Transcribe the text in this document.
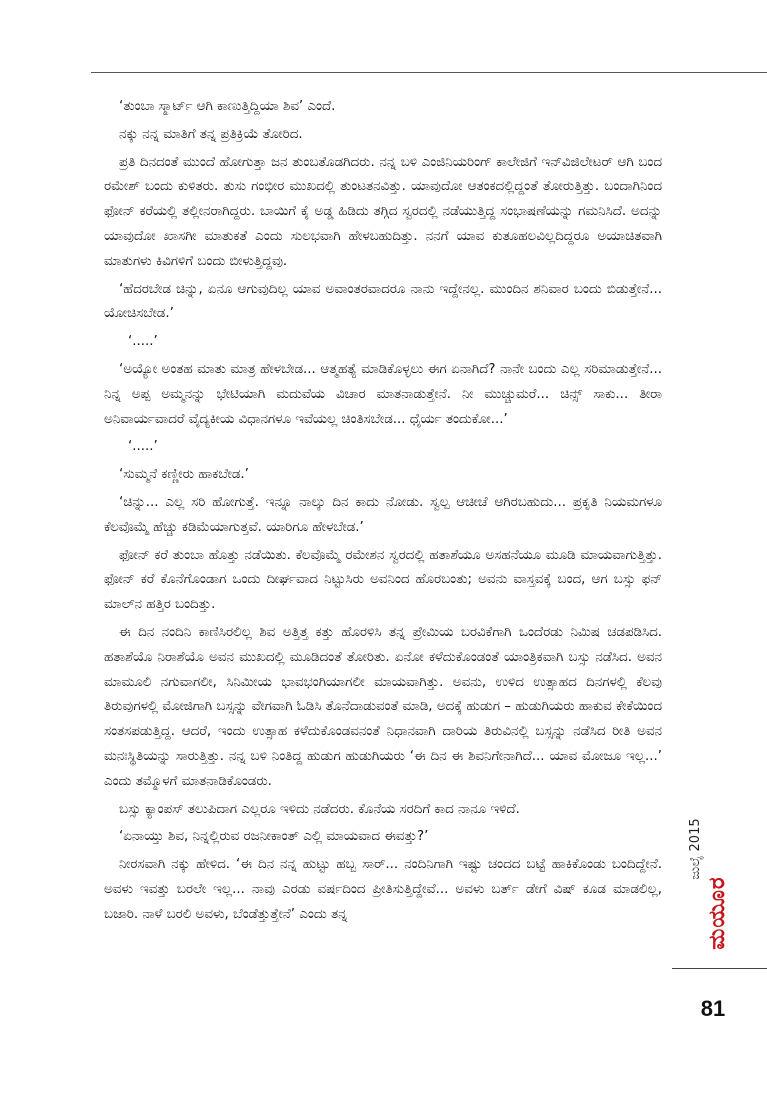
‘ತುಂಬಾ ಸ್ಮಾರ್ಟ್ ಆಗಿ ಕಾಣುತ್ತಿದ್ದಿಯಾ ಶಿವ’ ಎಂದೆ.

ನಕ್ಕು ನನ್ನ ಮಾತಿಗೆ ತನ್ನ ಪ್ರತಿಕ್ರಿಯೆ ತೋರಿದ.

ಪ್ರತಿ ದಿನದಂತೆ ಮುಂದೆ ಹೋಗುತ್ತಾ ಜನ ತುಂಬತೊಡಗಿದರು. ನನ್ನ ಬಳಿ ಎಂಜಿನಿಯರಿಂಗ್ ಕಾಲೇಜಿಗೆ ಇನ್‌ವಿಜಿಲೇಟರ್ ಆಗಿ ಬಂದ ರಮೇಶ್ ಬಂದು ಕುಳಿತರು. ತುಸು ಗಂಭೀರ ಮುಖದಲ್ಲಿ ತುಂಟತನವಿತ್ತು. ಯಾವುದೋ ಆತಂಕದಲ್ಲಿದ್ದಂತೆ ತೋರುತ್ತಿತ್ತು. ಬಂದಾಗಿನಿಂದ ಫೋನ್ ಕರೆಯಲ್ಲಿ ತಲ್ಲೀನರಾಗಿದ್ದರು. ಬಾಯಿಗೆ ಕೈ ಅಡ್ಡ ಹಿಡಿದು ತಗ್ಗಿದ ಸ್ವರದಲ್ಲಿ ನಡೆಯುತ್ತಿದ್ದ ಸಂಭಾಷಣೆಯನ್ನು ಗಮನಿಸಿದೆ. ಅದನ್ನು ಯಾವುದೋ ಖಾಸಗೀ ಮಾತುಕತೆ ಎಂದು ಸುಲಭವಾಗಿ ಹೇಳಬಹುದಿತ್ತು. ನನಗೆ ಯಾವ ಕುತೂಹಲವಿಲ್ಲದಿದ್ದರೂ ಅಯಾಚಿತವಾಗಿ ಮಾತುಗಳು ಕಿವಿಗಳಿಗೆ ಬಂದು ಬೀಳುತ್ತಿದ್ದವು.

‘ಹೆದರಬೇಡ ಚಿನ್ನು, ಏನೂ ಆಗುವುದಿಲ್ಲ ಯಾವ ಅವಾಂತರವಾದರೂ ನಾನು ಇದ್ದೇನಲ್ಲ. ಮುಂದಿನ ಶನಿವಾರ ಬಂದು ಬಿಡುತ್ತೇನೆ... ಯೋಚಿಸಬೇಡ.’

‘.....’

‘ಅಯ್ಯೋ ಅಂತಹ ಮಾತು ಮಾತ್ರ ಹೇಳಬೇಡ... ಆತ್ಮಹತ್ಯೆ ಮಾಡಿಕೊಳ್ಳಲು ಈಗ ಏನಾಗಿದೆ? ನಾನೇ ಬಂದು ಎಲ್ಲ ಸರಿಮಾಡುತ್ತೇನೆ... ನಿನ್ನ ಅಪ್ಪ ಅಮ್ಮನನ್ನು ಭೇಟಿಯಾಗಿ ಮದುವೆಯ ವಿಚಾರ ಮಾತನಾಡುತ್ತೇನೆ. ನೀ ಮುಚ್ಚುಮರೆ... ಚಿನ್ಸ್ ಸಾಕು... ತೀರಾ ಅನಿವಾರ್ಯವಾದರೆ ವೈದ್ಯಕೀಯ ವಿಧಾನಗಳೂ ಇವೆಯಲ್ಲ ಚಿಂತಿಸಬೇಡ... ಧೈರ್ಯ ತಂದುಕೋ...’

‘.....’

‘ಸುಮ್ಮನೆ ಕಣ್ಣೀರು ಹಾಕಬೇಡ.’

‘ಚಿನ್ನು... ಎಲ್ಲ ಸರಿ ಹೋಗುತ್ತೆ. ಇನ್ನೂ ನಾಲ್ಕು ದಿನ ಕಾದು ನೋಡು. ಸ್ವಲ್ಪ ಆಚೀಚೆ ಆಗಿರಬಹುದು... ಪ್ರಕೃತಿ ನಿಯಮಗಳೂ ಕೆಲವೊಮ್ಮೆ ಹೆಚ್ಚು ಕಡಿಮೆಯಾಗುತ್ತವೆ. ಯಾರಿಗೂ ಹೇಳಬೇಡ.’

ಫೋನ್ ಕರೆ ತುಂಬಾ ಹೊತ್ತು ನಡೆಯಿತು. ಕೆಲವೊಮ್ಮೆ ರಮೇಶನ ಸ್ವರದಲ್ಲಿ ಹತಾಶೆಯೂ ಅಸಹನೆಯೂ ಮೂಡಿ ಮಾಯವಾಗುತ್ತಿತ್ತು. ಫೋನ್ ಕರೆ ಕೊನೆಗೊಂಡಾಗ ಒಂದು ದೀರ್ಘವಾದ ನಿಟ್ಟುಸಿರು ಅವನಿಂದ ಹೊರಬಂತು; ಅವನು ವಾಸ್ತವಕ್ಕೆ ಬಂದ, ಆಗ ಬಸ್ಸು ಫನ್ ಮಾಲ್‌ನ ಹತ್ತಿರ ಬಂದಿತ್ತು.

ಈ ದಿನ ನಂದಿನಿ ಕಾಣಿಸಿರಲಿಲ್ಲ ಶಿವ ಅತ್ತಿತ್ತ ಕತ್ತು ಹೊರಳಿಸಿ ತನ್ನ ಪ್ರೇಮಿಯ ಬರವಿಕೆಗಾಗಿ ಒಂದೆರಡು ನಿಮಿಷ ಚಡಪಡಿಸಿದ. ಹತಾಶೆಯೊ ನಿರಾಶೆಯೊ ಅವನ ಮುಖದಲ್ಲಿ ಮೂಡಿದಂತೆ ತೋರಿತು. ಏನೋ ಕಳೆದುಕೊಂಡಂತೆ ಯಾಂತ್ರಿಕವಾಗಿ ಬಸ್ಸು ನಡೆಸಿದ. ಅವನ ಮಾಮೂಲಿ ನಗುವಾಗಲೀ, ಸಿನಿಮೀಯ ಭಾವಭಂಗಿಯಾಗಲೀ ಮಾಯವಾಗಿತ್ತು. ಅವನು, ಉಳಿದ ಉತ್ಸಾಹದ ದಿನಗಳಲ್ಲಿ ಕೆಲವು ತಿರುವುಗಳಲ್ಲಿ ಮೋಜಿಗಾಗಿ ಬಸ್ಸನ್ನು ವೇಗವಾಗಿ ಓಡಿಸಿ ತೊನೆದಾಡುವಂತೆ ಮಾಡಿ, ಅದಕ್ಕೆ ಹುಡುಗ – ಹುಡುಗಿಯರು ಹಾಕುವ ಕೇಕೆಯಿಂದ ಸಂತಸಪಡುತ್ತಿದ್ದ. ಆದರೆ, ಇಂದು ಉತ್ಸಾಹ ಕಳೆದುಕೊಂಡವನಂತೆ ನಿಧಾನವಾಗಿ ದಾರಿಯ ತಿರುವಿನಲ್ಲಿ ಬಸ್ಸನ್ನು ನಡೆಸಿದ ರೀತಿ ಅವನ ಮನಃಸ್ಥಿತಿಯನ್ನು ಸಾರುತ್ತಿತ್ತು. ನನ್ನ ಬಳಿ ನಿಂತಿದ್ದ ಹುಡುಗ ಹುಡುಗಿಯರು ‘ಈ ದಿನ ಈ ಶಿವನಿಗೇನಾಗಿದೆ... ಯಾವ ಮೋಜೂ ಇಲ್ಲ...’ ಎಂದು ತಮ್ಮೊಳಗೆ ಮಾತನಾಡಿಕೊಂಡರು.

ಬಸ್ಸು ಕ್ಯಾಂಪಸ್ ತಲುಪಿದಾಗ ಎಲ್ಲರೂ ಇಳಿದು ನಡೆದರು. ಕೊನೆಯ ಸರದಿಗೆ ಕಾದ ನಾನೂ ಇಳಿದೆ.

‘ಏನಾಯ್ತು ಶಿವ, ನಿನ್ನಲ್ಲಿರುವ ರಜನೀಕಾಂತ್ ಎಲ್ಲಿ ಮಾಯವಾದ ಈವತ್ತು?’

ನೀರಸವಾಗಿ ನಕ್ಕು ಹೇಳಿದ. ‘ಈ ದಿನ ನನ್ನ ಹುಟ್ಟು ಹಬ್ಬ ಸಾರ್... ನಂದಿನಿಗಾಗಿ ಇಷ್ಟು ಚಂದದ ಬಟ್ಟೆ ಹಾಕಿಕೊಂಡು ಬಂದಿದ್ದೇನೆ. ಅವಳು ಇವತ್ತು ಬರಲೇ ಇಲ್ಲ... ನಾವು ಎರಡು ವರ್ಷದಿಂದ ಪ್ರೀತಿಸುತ್ತಿದ್ದೇವೆ... ಅವಳು ಬರ್ತ್ ಡೇಗೆ ವಿಷ್ ಕೂಡ ಮಾಡಲಿಲ್ಲ, ಬಜಾರಿ. ನಾಳೆ ಬರಲಿ ಅವಳು, ಬೆಂಡೆತ್ತುತ್ತೇನೆ’ ಎಂದು ತನ್ನ	ಮಯೂರ
ಜುಲೈ 2015
81
